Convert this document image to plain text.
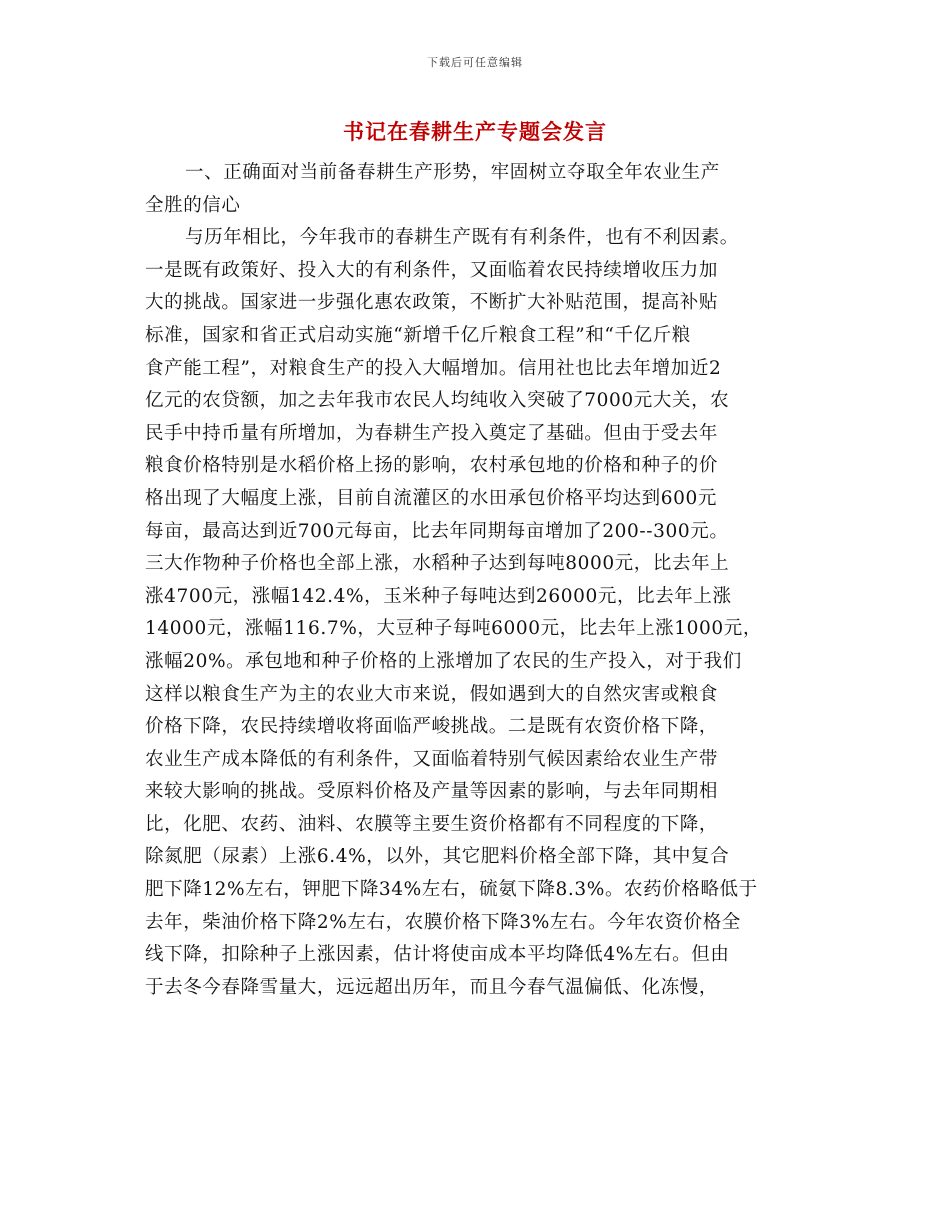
下载后可任意编辑
书记在春耕生产专题会发言
一、正确面对当前备春耕生产形势，牢固树立夺取全年农业生产
全胜的信心
与历年相比，今年我市的春耕生产既有有利条件，也有不利因素。
一是既有政策好、投入大的有利条件，又面临着农民持续增收压力加
大的挑战。国家进一步强化惠农政策，不断扩大补贴范围，提高补贴
标准，国家和省正式启动实施“新增千亿斤粮食工程”和“千亿斤粮
食产能工程”，对粮食生产的投入大幅增加。信用社也比去年增加近2
亿元的农贷额，加之去年我市农民人均纯收入突破了7000元大关，农
民手中持币量有所增加，为春耕生产投入奠定了基础。但由于受去年
粮食价格特别是水稻价格上扬的影响，农村承包地的价格和种子的价
格出现了大幅度上涨，目前自流灌区的水田承包价格平均达到600元
每亩，最高达到近700元每亩，比去年同期每亩增加了200--300元。
三大作物种子价格也全部上涨，水稻种子达到每吨8000元，比去年上
涨4700元，涨幅142.4%，玉米种子每吨达到26000元，比去年上涨
14000元，涨幅116.7%，大豆种子每吨6000元，比去年上涨1000元，
涨幅20%。承包地和种子价格的上涨增加了农民的生产投入，对于我们
这样以粮食生产为主的农业大市来说，假如遇到大的自然灾害或粮食
价格下降，农民持续增收将面临严峻挑战。二是既有农资价格下降，
农业生产成本降低的有利条件，又面临着特别气候因素给农业生产带
来较大影响的挑战。受原料价格及产量等因素的影响，与去年同期相
比，化肥、农药、油料、农膜等主要生资价格都有不同程度的下降，
除氮肥（尿素）上涨6.4%，以外，其它肥料价格全部下降，其中复合
肥下降12%左右，钾肥下降34%左右，硫氨下降8.3%。农药价格略低于
去年，柴油价格下降2%左右，农膜价格下降3%左右。今年农资价格全
线下降，扣除种子上涨因素，估计将使亩成本平均降低4%左右。但由
于去冬今春降雪量大，远远超出历年，而且今春气温偏低、化冻慢，
